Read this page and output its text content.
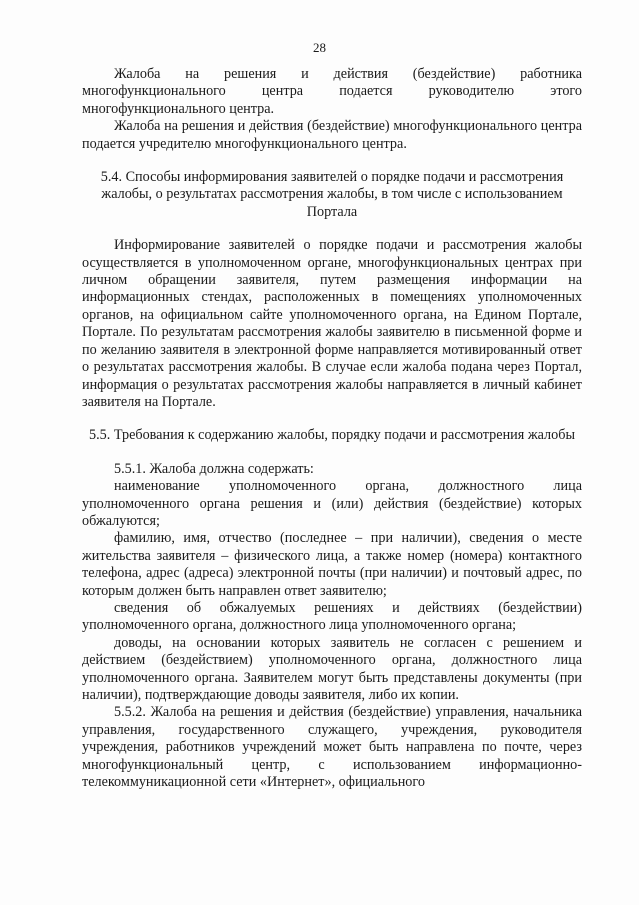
28

Жалоба на решения и действия (бездействие) работника многофункционального центра подается руководителю этого многофункционального центра.

Жалоба на решения и действия (бездействие) многофункционального центра подается учредителю многофункционального центра.

5.4. Способы информирования заявителей о порядке подачи и рассмотрения жалобы, о результатах рассмотрения жалобы, в том числе с использованием Портала

Информирование заявителей о порядке подачи и рассмотрения жалобы осуществляется в уполномоченном органе, многофункциональных центрах при личном обращении заявителя, путем размещения информации на информационных стендах, расположенных в помещениях уполномоченных органов, на официальном сайте уполномоченного органа, на Едином Портале, Портале. По результатам рассмотрения жалобы заявителю в письменной форме и по желанию заявителя в электронной форме направляется мотивированный ответ о результатах рассмотрения жалобы. В случае если жалоба подана через Портал, информация о результатах рассмотрения жалобы направляется в личный кабинет заявителя на Портале.

5.5. Требования к содержанию жалобы, порядку подачи и рассмотрения жалобы

5.5.1. Жалоба должна содержать:

наименование уполномоченного органа, должностного лица уполномоченного органа решения и (или) действия (бездействие) которых обжалуются;

фамилию, имя, отчество (последнее – при наличии), сведения о месте жительства заявителя – физического лица, а также номер (номера) контактного телефона, адрес (адреса) электронной почты (при наличии) и почтовый адрес, по которым должен быть направлен ответ заявителю;

сведения об обжалуемых решениях и действиях (бездействии) уполномоченного органа, должностного лица уполномоченного органа;

доводы, на основании которых заявитель не согласен с решением и действием (бездействием) уполномоченного органа, должностного лица уполномоченного органа. Заявителем могут быть представлены документы (при наличии), подтверждающие доводы заявителя, либо их копии.

5.5.2. Жалоба на решения и действия (бездействие) управления, начальника управления, государственного служащего, учреждения, руководителя учреждения, работников учреждений может быть направлена по почте, через многофункциональный центр, с использованием информационно-телекоммуникационной сети «Интернет», официального
